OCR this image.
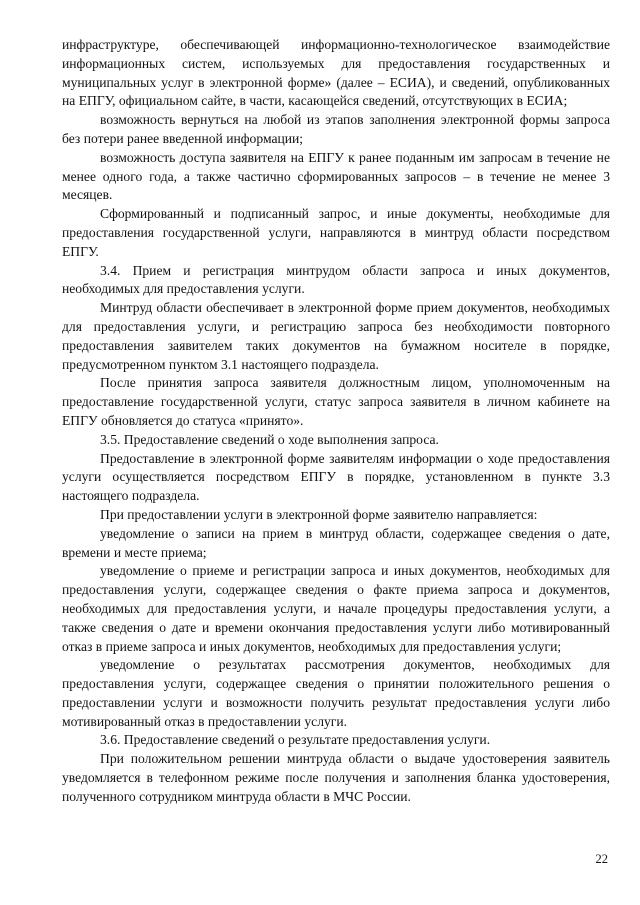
инфраструктуре, обеспечивающей информационно-технологическое взаимодействие информационных систем, используемых для предоставления государственных и муниципальных услуг в электронной форме» (далее – ЕСИА), и сведений, опубликованных на ЕПГУ, официальном сайте, в части, касающейся сведений, отсутствующих в ЕСИА;

возможность вернуться на любой из этапов заполнения электронной формы запроса без потери ранее введенной информации;

возможность доступа заявителя на ЕПГУ к ранее поданным им запросам в течение не менее одного года, а также частично сформированных запросов – в течение не менее 3 месяцев.

Сформированный и подписанный запрос, и иные документы, необходимые для предоставления государственной услуги, направляются в минтруд области посредством ЕПГУ.

3.4. Прием и регистрация минтрудом области запроса и иных документов, необходимых для предоставления услуги.

Минтруд области обеспечивает в электронной форме прием документов, необходимых для предоставления услуги, и регистрацию запроса без необходимости повторного предоставления заявителем таких документов на бумажном носителе в порядке, предусмотренном пунктом 3.1 настоящего подраздела.

После принятия запроса заявителя должностным лицом, уполномоченным на предоставление государственной услуги, статус запроса заявителя в личном кабинете на ЕПГУ обновляется до статуса «принято».

3.5. Предоставление сведений о ходе выполнения запроса.

Предоставление в электронной форме заявителям информации о ходе предоставления услуги осуществляется посредством ЕПГУ в порядке, установленном в пункте 3.3 настоящего подраздела.

При предоставлении услуги в электронной форме заявителю направляется:

уведомление о записи на прием в минтруд области, содержащее сведения о дате, времени и месте приема;

уведомление о приеме и регистрации запроса и иных документов, необходимых для предоставления услуги, содержащее сведения о факте приема запроса и документов, необходимых для предоставления услуги, и начале процедуры предоставления услуги, а также сведения о дате и времени окончания предоставления услуги либо мотивированный отказ в приеме запроса и иных документов, необходимых для предоставления услуги;

уведомление о результатах рассмотрения документов, необходимых для предоставления услуги, содержащее сведения о принятии положительного решения о предоставлении услуги и возможности получить результат предоставления услуги либо мотивированный отказ в предоставлении услуги.

3.6. Предоставление сведений о результате предоставления услуги.

При положительном решении минтруда области о выдаче удостоверения заявитель уведомляется в телефонном режиме после получения и заполнения бланка удостоверения, полученного сотрудником минтруда области в МЧС России.

22
